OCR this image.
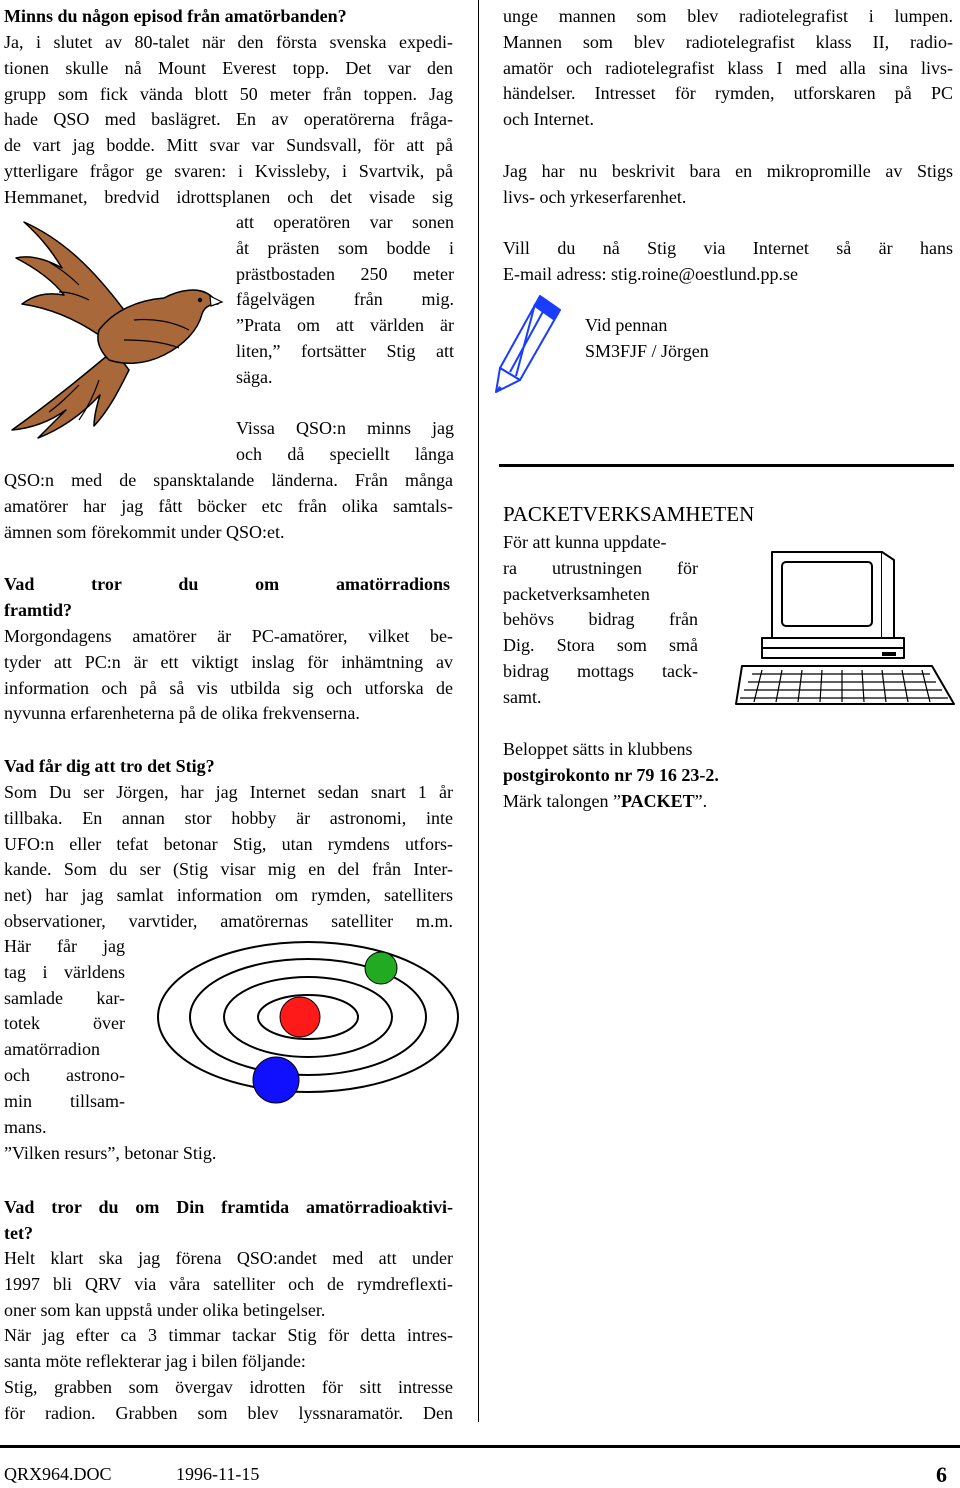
Minns du någon episod från amatörbanden?
Ja, i slutet av 80-talet när den första svenska expedi-
tionen skulle nå Mount Everest topp. Det var den
grupp som fick vända blott 50 meter från toppen. Jag
hade QSO med baslägret. En av operatörerna fråga-
de vart jag bodde. Mitt svar var Sundsvall, för att på
ytterligare frågor ge svaren: i Kvissleby, i Svartvik, på
Hemmanet, bredvid idrottsplanen och det visade sig
att operatören var sonen
åt prästen som bodde i
prästbostaden 250 meter
fågelvägen från mig.
”Prata om att världen är
liten,” fortsätter Stig att
säga.
Vissa QSO:n minns jag
och då speciellt långa
QSO:n med de spansktalande länderna. Från många
amatörer har jag fått böcker etc från olika samtals-
ämnen som förekommit under QSO:et.
Vad tror du om amatörradions
framtid?
Morgondagens amatörer är PC-amatörer, vilket be-
tyder att PC:n är ett viktigt inslag för inhämtning av
information och på så vis utbilda sig och utforska de
nyvunna erfarenheterna på de olika frekvenserna.
Vad får dig att tro det Stig?
Som Du ser Jörgen, har jag Internet sedan snart 1 år
tillbaka. En annan stor hobby är astronomi, inte
UFO:n eller tefat betonar Stig, utan rymdens utfors-
kande. Som du ser (Stig visar mig en del från Inter-
net) har jag samlat information om rymden, satelliters
observationer, varvtider, amatörernas satelliter m.m.
Här får jag
tag i världens
samlade kar-
totek över
amatörradion
och astrono-
min tillsam-
mans.
”Vilken resurs”, betonar Stig.
Vad tror du om Din framtida amatörradioaktivi-
tet?
Helt klart ska jag förena QSO:andet med att under
1997 bli QRV via våra satelliter och de rymdreflexti-
oner som kan uppstå under olika betingelser.
När jag efter ca 3 timmar tackar Stig för detta intres-
santa möte reflekterar jag i bilen följande:
Stig, grabben som övergav idrotten för sitt intresse
för radion. Grabben som blev lyssnaramatör. Den
unge mannen som blev radiotelegrafist i lumpen.
Mannen som blev radiotelegrafist klass II, radio-
amatör och radiotelegrafist klass I med alla sina livs-
händelser. Intresset för rymden, utforskaren på PC
och Internet.
Jag har nu beskrivit bara en mikropromille av Stigs
livs- och yrkeserfarenhet.
Vill du nå Stig via Internet så är hans
E-mail adress: stig.roine@oestlund.pp.se
Vid pennan
SM3FJF / Jörgen
PACKETVERKSAMHETEN
För att kunna uppdate-
ra utrustningen för
packetverksamheten
behövs bidrag från
Dig. Stora som små
bidrag mottags tack-
samt.
Beloppet sätts in klubbens
postgirokonto nr 79 16 23-2.
Märk talongen ”PACKET”.
QRX964.DOC	1996-11-15	6
